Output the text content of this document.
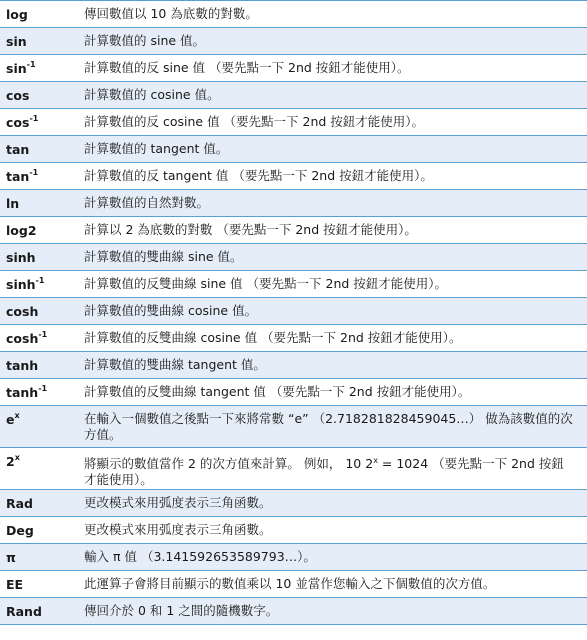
log	傳回數值以 10 為底數的對數。
sin	計算數值的 sine 值。
$\sin^{-1}$	計算數值的反 sine 值 （要先點一下 2nd 按鈕才能使用）。
cos	計算數值的 cosine 值。
$\cos^{-1}$	計算數值的反 cosine 值 （要先點一下 2nd 按鈕才能使用）。
tan	計算數值的 tangent 值。
$\tan^{-1}$	計算數值的反 tangent 值 （要先點一下 2nd 按鈕才能使用）。
ln	計算數值的自然對數。
log2	計算以 2 為底數的對數 （要先點一下 2nd 按鈕才能使用）。
sinh	計算數值的雙曲線 sine 值。
$\sinh^{-1}$	計算數值的反雙曲線 sine 值 （要先點一下 2nd 按鈕才能使用）。
cosh	計算數值的雙曲線 cosine 值。
$\cosh^{-1}$	計算數值的反雙曲線 cosine 值 （要先點一下 2nd 按鈕才能使用）。
tanh	計算數值的雙曲線 tangent 值。
$\tanh^{-1}$	計算數值的反雙曲線 tangent 值 （要先點一下 2nd 按鈕才能使用）。
$e^x$	在輸入一個數值之後點一下來將常數 “e” （2.718281828459045…） 做為該數值的次方值。
2$^x$	將顯示的數值當作 2 的次方值來計算。 例如， 10 $2^x = 1024$ （要先點一下 2nd 按鈕才能使用）。
Rad	更改模式來用弧度表示三角函數。
Deg	更改模式來用弧度表示三角函數。
π	輸入 π 值 （3.141592653589793…）。
EE	此運算子會將目前顯示的數值乘以 10 並當作您輸入之下個數值的次方值。
Rand	傳回介於 0 和 1 之間的隨機數字。
